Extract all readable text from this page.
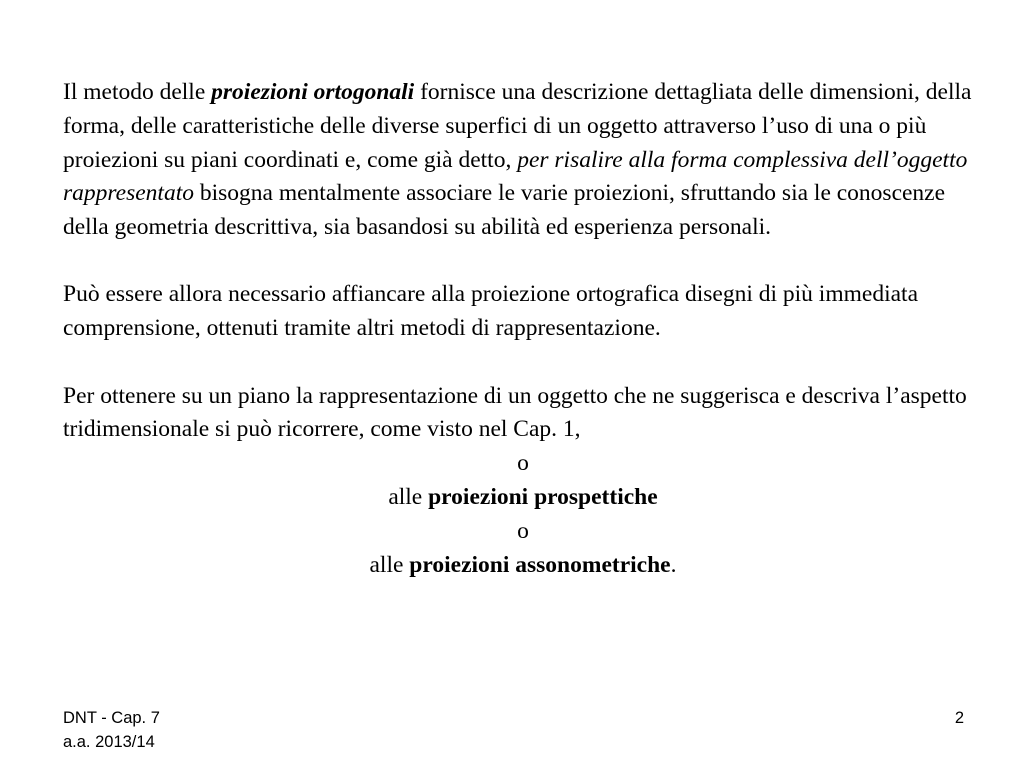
Il metodo delle proiezioni ortogonali fornisce una descrizione dettagliata delle dimensioni, della forma, delle caratteristiche delle diverse superfici di un oggetto attraverso l’uso di una o più proiezioni su piani coordinati e, come già detto, per risalire alla forma complessiva dell’oggetto rappresentato bisogna mentalmente associare le varie proiezioni, sfruttando sia le conoscenze della geometria descrittiva, sia basandosi su abilità ed esperienza personali.

Può essere allora necessario affiancare alla proiezione ortografica disegni di più immediata comprensione, ottenuti tramite altri metodi di rappresentazione.

Per ottenere su un piano la rappresentazione di un oggetto che ne suggerisca e descriva l’aspetto tridimensionale si può ricorrere, come visto nel Cap. 1,

o

alle proiezioni prospettiche

o

alle proiezioni assonometriche.

DNT - Cap. 7
a.a. 2013/14
2
